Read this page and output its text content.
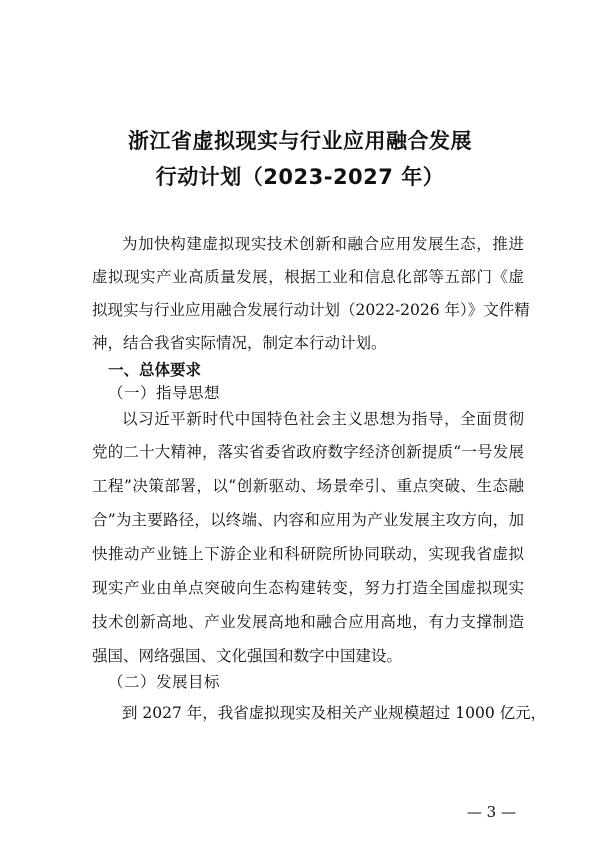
浙江省虚拟现实与行业应用融合发展
行动计划（2023-2027 年）
为加快构建虚拟现实技术创新和融合应用发展生态，推进
虚拟现实产业高质量发展，根据工业和信息化部等五部门《虚
拟现实与行业应用融合发展行动计划（2022-2026 年）》文件精
神，结合我省实际情况，制定本行动计划。
一、总体要求
（一）指导思想
以习近平新时代中国特色社会主义思想为指导，全面贯彻
党的二十大精神，落实省委省政府数字经济创新提质“一号发展
工程”决策部署，以“创新驱动、场景牵引、重点突破、生态融
合”为主要路径，以终端、内容和应用为产业发展主攻方向，加
快推动产业链上下游企业和科研院所协同联动，实现我省虚拟
现实产业由单点突破向生态构建转变，努力打造全国虚拟现实
技术创新高地、产业发展高地和融合应用高地，有力支撑制造
强国、网络强国、文化强国和数字中国建设。
（二）发展目标
到 2027 年，我省虚拟现实及相关产业规模超过 1000 亿元，
— 3 —
